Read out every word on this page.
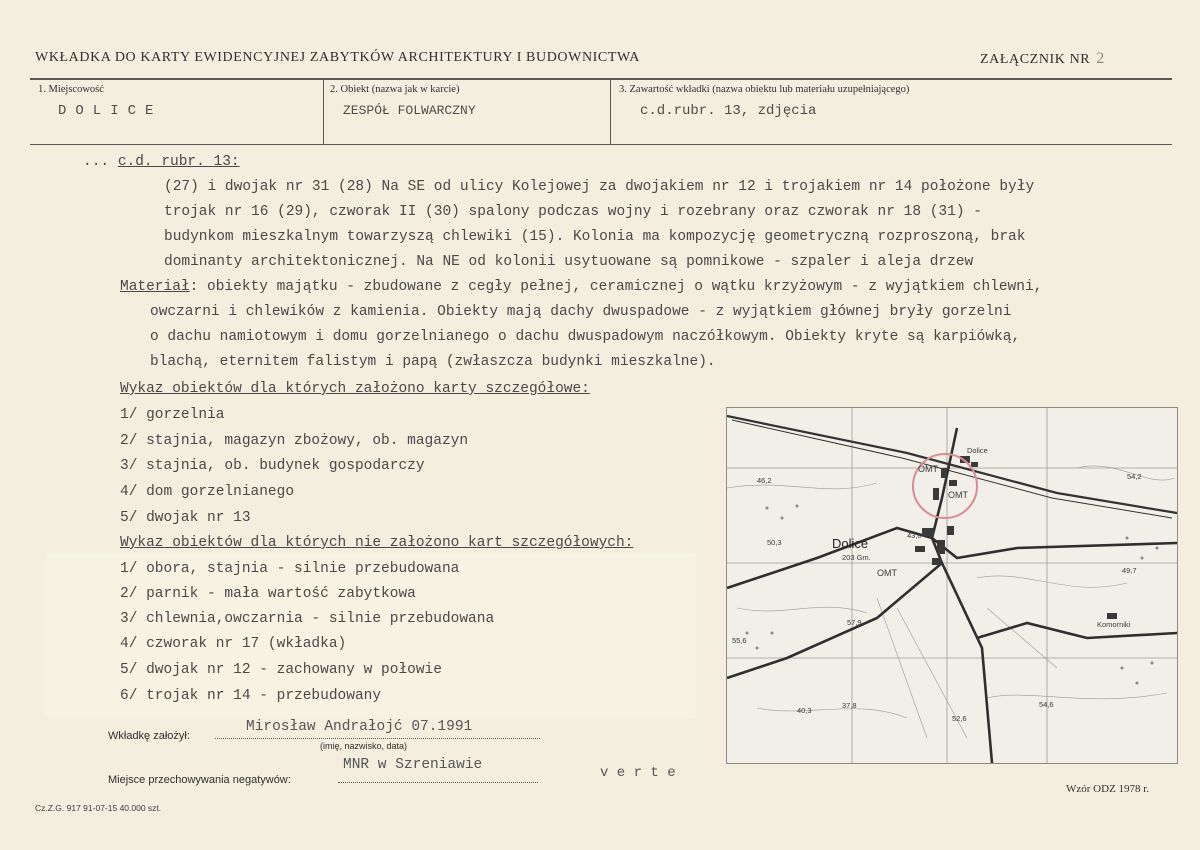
WKŁADKA DO KARTY EWIDENCYJNEJ ZABYTKÓW ARCHITEKTURY I BUDOWNICTWA	ZAŁĄCZNIK NR 2
1. Miejscowość
DOLICE
2. Obiekt (nazwa jak w karcie)
ZESPÓŁ FOLWARCZNY
3. Zawartość wkładki (nazwa obiektu lub materiału uzupełniającego)
c.d.rubr. 13, zdjęcia
... c.d. rubr. 13:
(27) i dwojak nr 31 (28) Na SE od ulicy Kolejowej za dwojakiem nr 12 i trojakiem nr 14 położone były
trojak nr 16 (29), czworak II (30) spalony podczas wojny i rozebrany oraz czworak nr 18 (31) -
budynkom mieszkalnym towarzyszą chlewiki (15). Kolonia ma kompozycję geometryczną rozproszoną, brak
dominanty architektonicznej. Na NE od kolonii usytuowane są pomnikowe - szpaler i aleja drzew
Materiał: obiekty majątku - zbudowane z cegły pełnej, ceramicznej o wątku krzyżowym - z wyjątkiem chlewni,
owczarni i chlewików z kamienia. Obiekty mają dachy dwuspadowe - z wyjątkiem głównej bryły gorzelni
o dachu namiotowym i domu gorzelnianego o dachu dwuspadowym naczółkowym. Obiekty kryte są karpiówką,
blachą, eternitem falistym i papą (zwłaszcza budynki mieszkalne).
Wykaz obiektów dla których założono karty szczegółowe:
1/ gorzelnia
2/ stajnia, magazyn zbożowy, ob. magazyn
3/ stajnia, ob. budynek gospodarczy
4/ dom gorzelnianego
5/ dwojak nr 13
Wykaz obiektów dla których nie założono kart szczegółowych:
1/ obora, stajnia - silnie przebudowana
2/ parnik - mała wartość zabytkowa
3/ chlewnia,owczarnia - silnie przebudowana
4/ czworak nr 17 (wkładka)
5/ dwojak nr 12 - zachowany w połowie
6/ trojak nr 14 - przebudowany
Dolice
OMT
OMT
OMT
Dolice
203 Gm.
Komorniki
46,2
50,3
43,0
57,9
40,3
37,8
52,6
54,6
54,2
49,7
55,6
Wkładkę założył:
Mirosław Andrałojć 07.1991
(imię, nazwisko, data)
Miejsce przechowywania negatywów:
MNR w Szreniawie	v e r t e
Cz.Z.G. 917 91-07-15 40.000 szt.
Wzór ODZ 1978 r.
